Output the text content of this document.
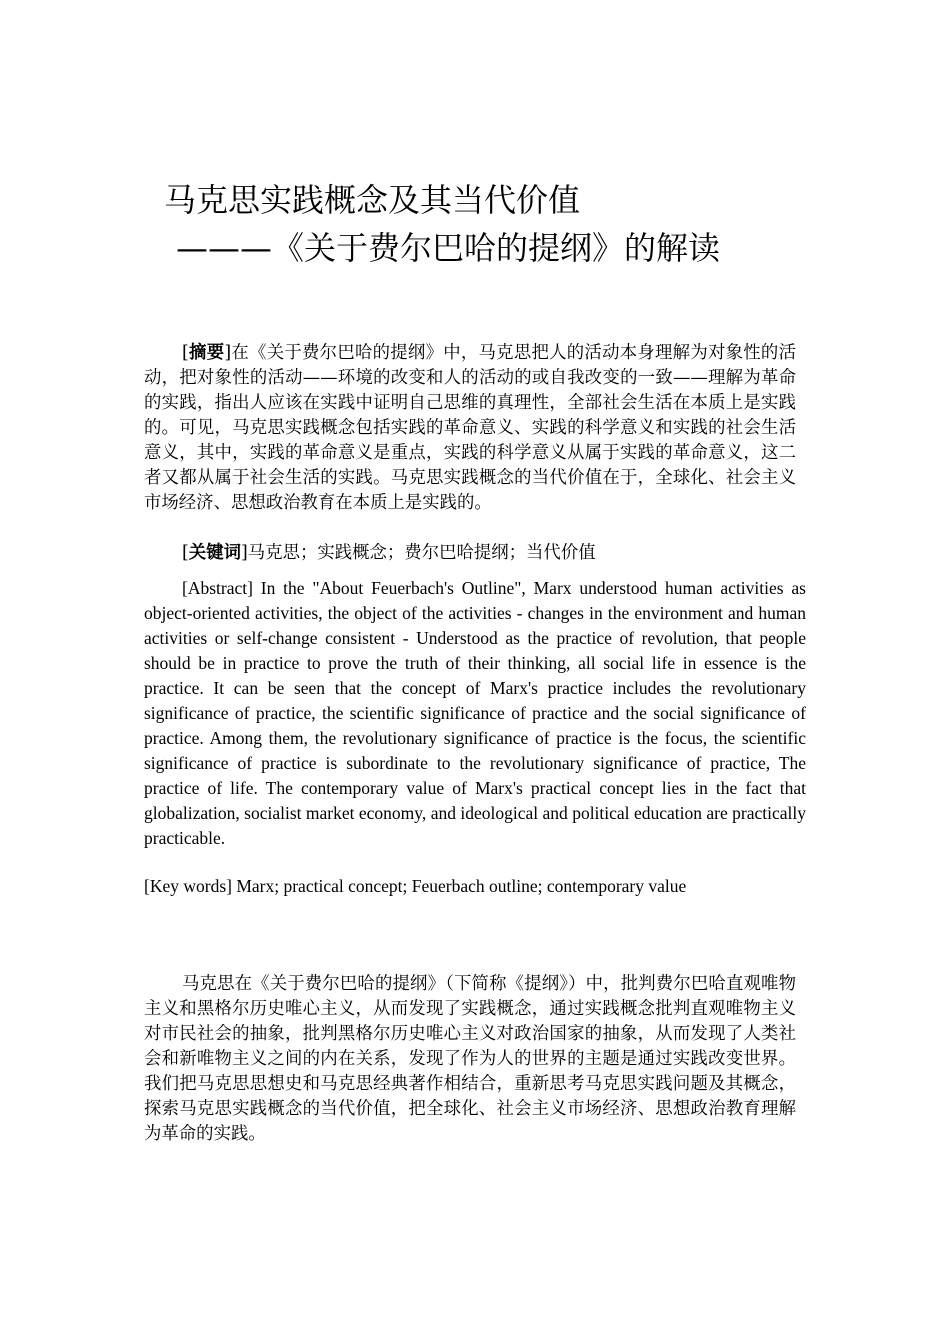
马克思实践概念及其当代价值
———《关于费尔巴哈的提纲》的解读

[摘要]在《关于费尔巴哈的提纲》中，马克思把人的活动本身理解为对象性的活动，把对象性的活动——环境的改变和人的活动的或自我改变的一致——理解为革命的实践，指出人应该在实践中证明自己思维的真理性，全部社会生活在本质上是实践的。可见，马克思实践概念包括实践的革命意义、实践的科学意义和实践的社会生活意义，其中，实践的革命意义是重点，实践的科学意义从属于实践的革命意义，这二者又都从属于社会生活的实践。马克思实践概念的当代价值在于，全球化、社会主义市场经济、思想政治教育在本质上是实践的。

[关键词]马克思；实践概念；费尔巴哈提纲；当代价值

[Abstract] In the "About Feuerbach's Outline", Marx understood human activities as object-oriented activities, the object of the activities - changes in the environment and human activities or self-change consistent - Understood as the practice of revolution, that people should be in practice to prove the truth of their thinking, all social life in essence is the practice. It can be seen that the concept of Marx's practice includes the revolutionary significance of practice, the scientific significance of practice and the social significance of practice. Among them, the revolutionary significance of practice is the focus, the scientific significance of practice is subordinate to the revolutionary significance of practice, The practice of life. The contemporary value of Marx's practical concept lies in the fact that globalization, socialist market economy, and ideological and political education are practically practicable.

[Key words] Marx; practical concept; Feuerbach outline; contemporary value

马克思在《关于费尔巴哈的提纲》（下简称《提纲》）中，批判费尔巴哈直观唯物主义和黑格尔历史唯心主义，从而发现了实践概念，通过实践概念批判直观唯物主义对市民社会的抽象，批判黑格尔历史唯心主义对政治国家的抽象，从而发现了人类社会和新唯物主义之间的内在关系，发现了作为人的世界的主题是通过实践改变世界。我们把马克思思想史和马克思经典著作相结合，重新思考马克思实践问题及其概念，探索马克思实践概念的当代价值，把全球化、社会主义市场经济、思想政治教育理解为革命的实践。
